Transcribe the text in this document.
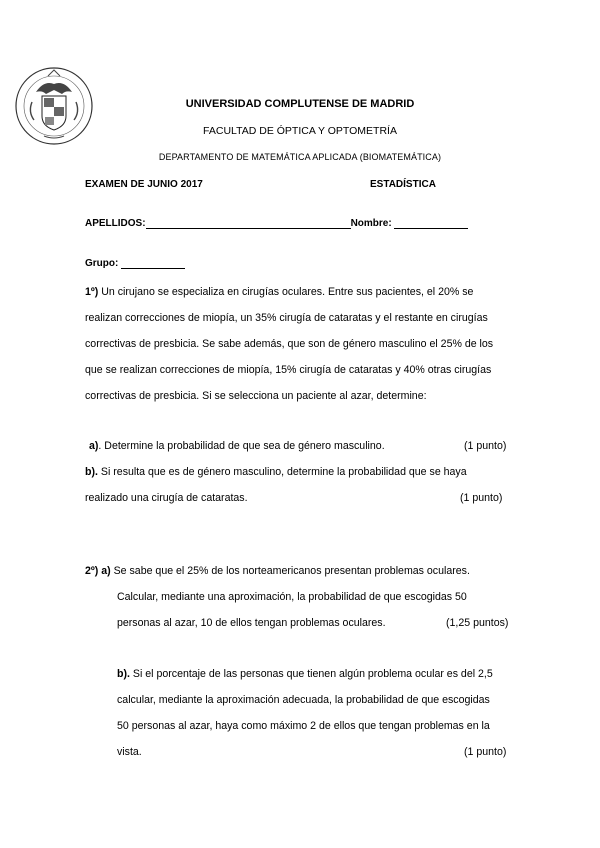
UNIVERSIDAD COMPLUTENSE DE MADRID
FACULTAD DE ÓPTICA Y OPTOMETRÍA
DEPARTAMENTO DE MATEMÁTICA APLICADA (BIOMATEMÁTICA)
EXAMEN DE JUNIO 2017	ESTADÍSTICA
APELLIDOS:	Nombre:
Grupo:
1º) Un cirujano se especializa en cirugías oculares. Entre sus pacientes, el 20% se
realizan correcciones de miopía, un 35% cirugía de cataratas y el restante en cirugías
correctivas de presbicia. Se sabe además, que son de género masculino el 25% de los
que se realizan correcciones de miopía, 15% cirugía de cataratas y 40% otras cirugías
correctivas de presbicia. Si se selecciona un paciente al azar, determine:
a). Determine la probabilidad de que sea de género masculino.	(1 punto)
b). Si resulta que es de género masculino, determine la probabilidad que se haya
realizado una cirugía de cataratas.	(1 punto)
2º) a) Se sabe que el 25% de los norteamericanos presentan problemas oculares.
Calcular, mediante una aproximación, la probabilidad de que escogidas 50
personas al azar, 10 de ellos tengan problemas oculares.	(1,25 puntos)
b). Si el porcentaje de las personas que tienen algún problema ocular es del 2,5
calcular, mediante la aproximación adecuada, la probabilidad de que escogidas
50 personas al azar, haya como máximo 2 de ellos que tengan problemas en la
vista.	(1 punto)
